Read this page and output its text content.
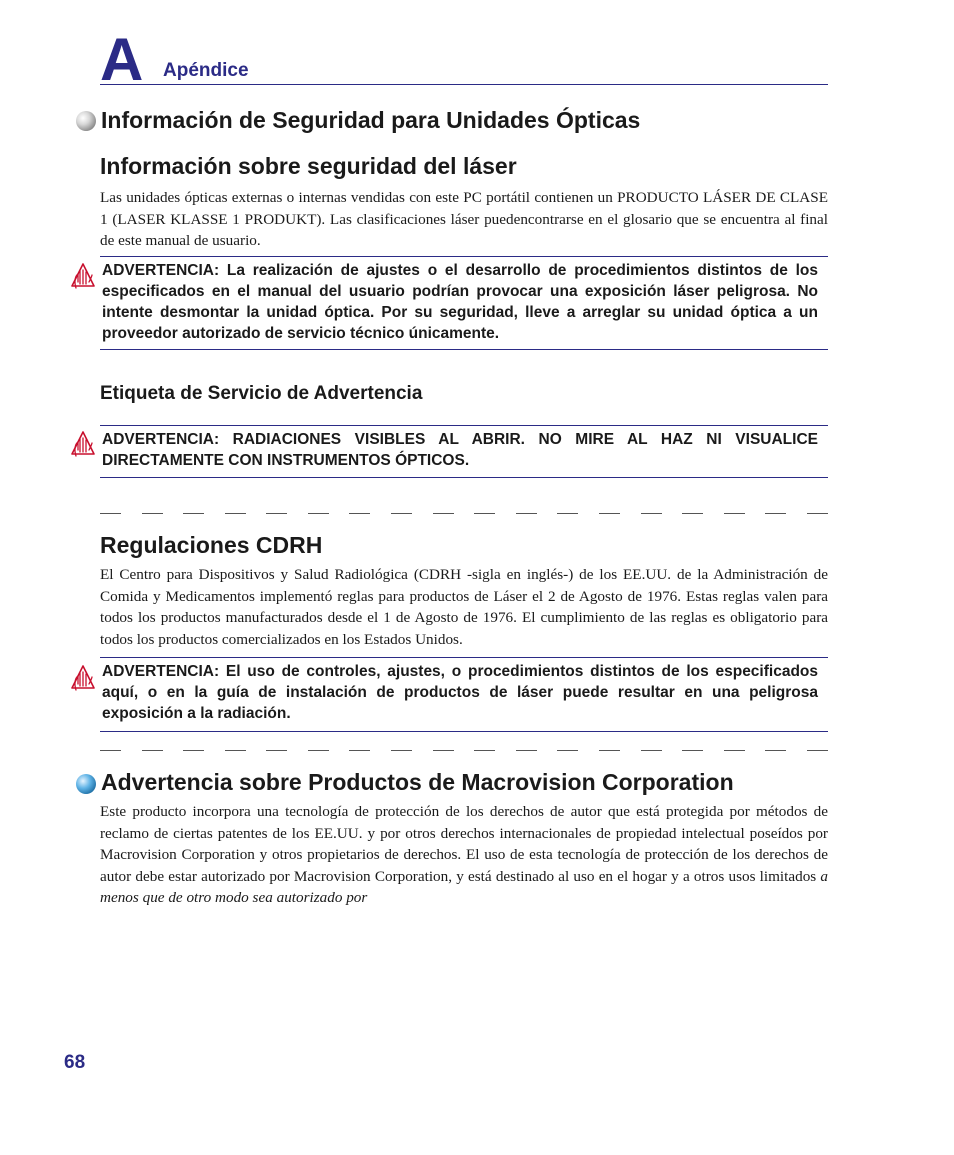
A Apéndice
Información de Seguridad para Unidades Ópticas
Información sobre seguridad del láser
Las unidades ópticas externas o internas vendidas con este PC portátil contienen un PRODUCTO LÁSER DE CLASE 1 (LASER KLASSE 1 PRODUKT). Las clasificaciones láser puedencontrarse en el glosario que se encuentra al final de este manual de usuario.
ADVERTENCIA: La realización de ajustes o el desarrollo de procedimientos distintos de los especificados en el manual del usuario podrían provocar una exposición láser peligrosa. No intente desmontar la unidad óptica. Por su seguridad, lleve a arreglar su unidad óptica a un proveedor autorizado de servicio técnico únicamente.
Etiqueta de Servicio de Advertencia
ADVERTENCIA: RADIACIONES VISIBLES AL ABRIR. NO MIRE AL HAZ NI VISUALICE DIRECTAMENTE CON INSTRUMENTOS ÓPTICOS.
Regulaciones CDRH
El Centro para Dispositivos y Salud Radiológica (CDRH -sigla en inglés-) de los EE.UU. de la Administración de Comida y Medicamentos implementó reglas para productos de Láser el 2 de Agosto de 1976. Estas reglas valen para todos los productos manufacturados desde el 1 de Agosto de 1976. El cumplimiento de las reglas es obligatorio para todos los productos comercializados en los Estados Unidos.
ADVERTENCIA: El uso de controles, ajustes, o procedimientos distintos de los especificados aquí, o en la guía de instalación de productos de láser puede resultar en una peligrosa exposición a la radiación.
Advertencia sobre Productos de Macrovision Corporation
Este producto incorpora una tecnología de protección de los derechos de autor que está protegida por métodos de reclamo de ciertas patentes de los EE.UU. y por otros derechos internacionales de propiedad intelectual poseídos por Macrovision Corporation y otros propietarios de derechos. El uso de esta tecnología de protección de los derechos de autor debe estar autorizado por Macrovision Corporation, y está destinado al uso en el hogar y a otros usos limitados a menos que de otro modo sea autorizado por
68
